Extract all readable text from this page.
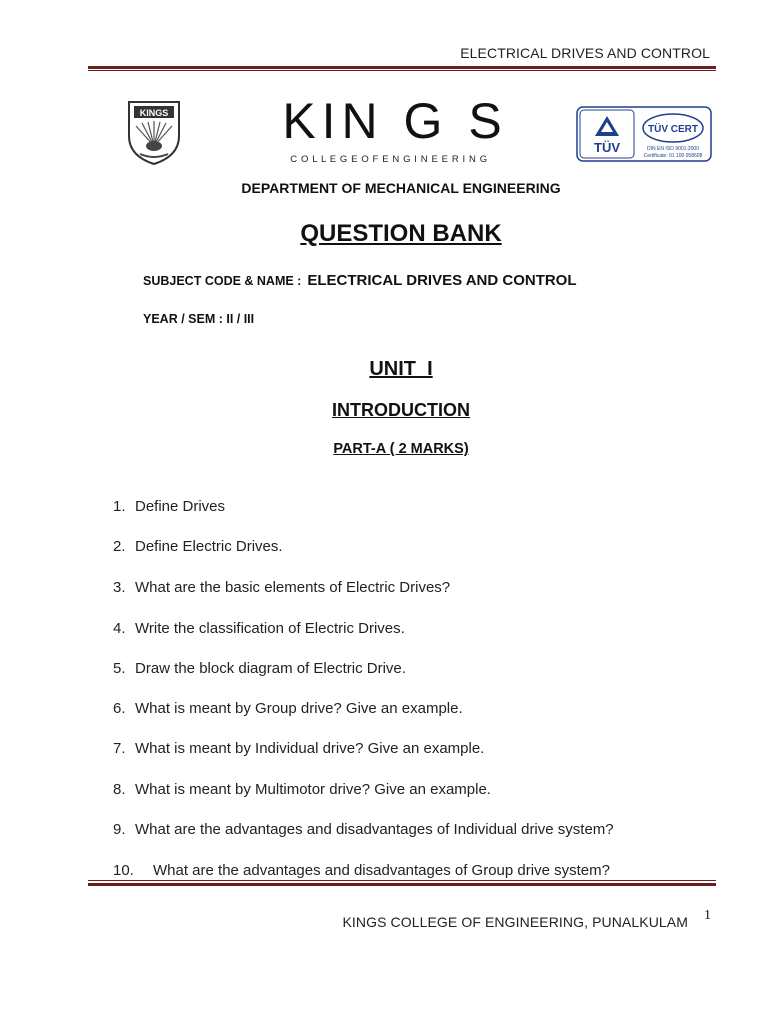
ELECTRICAL DRIVES AND CONTROL
KINGS	KIN G S
C O L L E G E O F E N G I N E E R I N G
TÜV
TÜV CERT
DIN EN ISO 9001:2000
Certificate: 01 100 058608
DEPARTMENT OF MECHANICAL ENGINEERING
QUESTION BANK
SUBJECT CODE & NAME : ELECTRICAL DRIVES AND CONTROL
YEAR / SEM : II / III
UNIT  I
INTRODUCTION
PART-A ( 2 MARKS)
1. Define Drives
2. Define Electric Drives.
3. What are the basic elements of Electric Drives?
4. Write the classification of Electric Drives.
5. Draw the block diagram of Electric Drive.
6. What is meant by Group drive? Give an example.
7. What is meant by Individual drive? Give an example.
8. What is meant by Multimotor drive? Give an example.
9. What are the advantages and disadvantages of Individual drive system?
10. What are the advantages and disadvantages of Group drive system?
KINGS COLLEGE OF ENGINEERING, PUNALKULAM 1
